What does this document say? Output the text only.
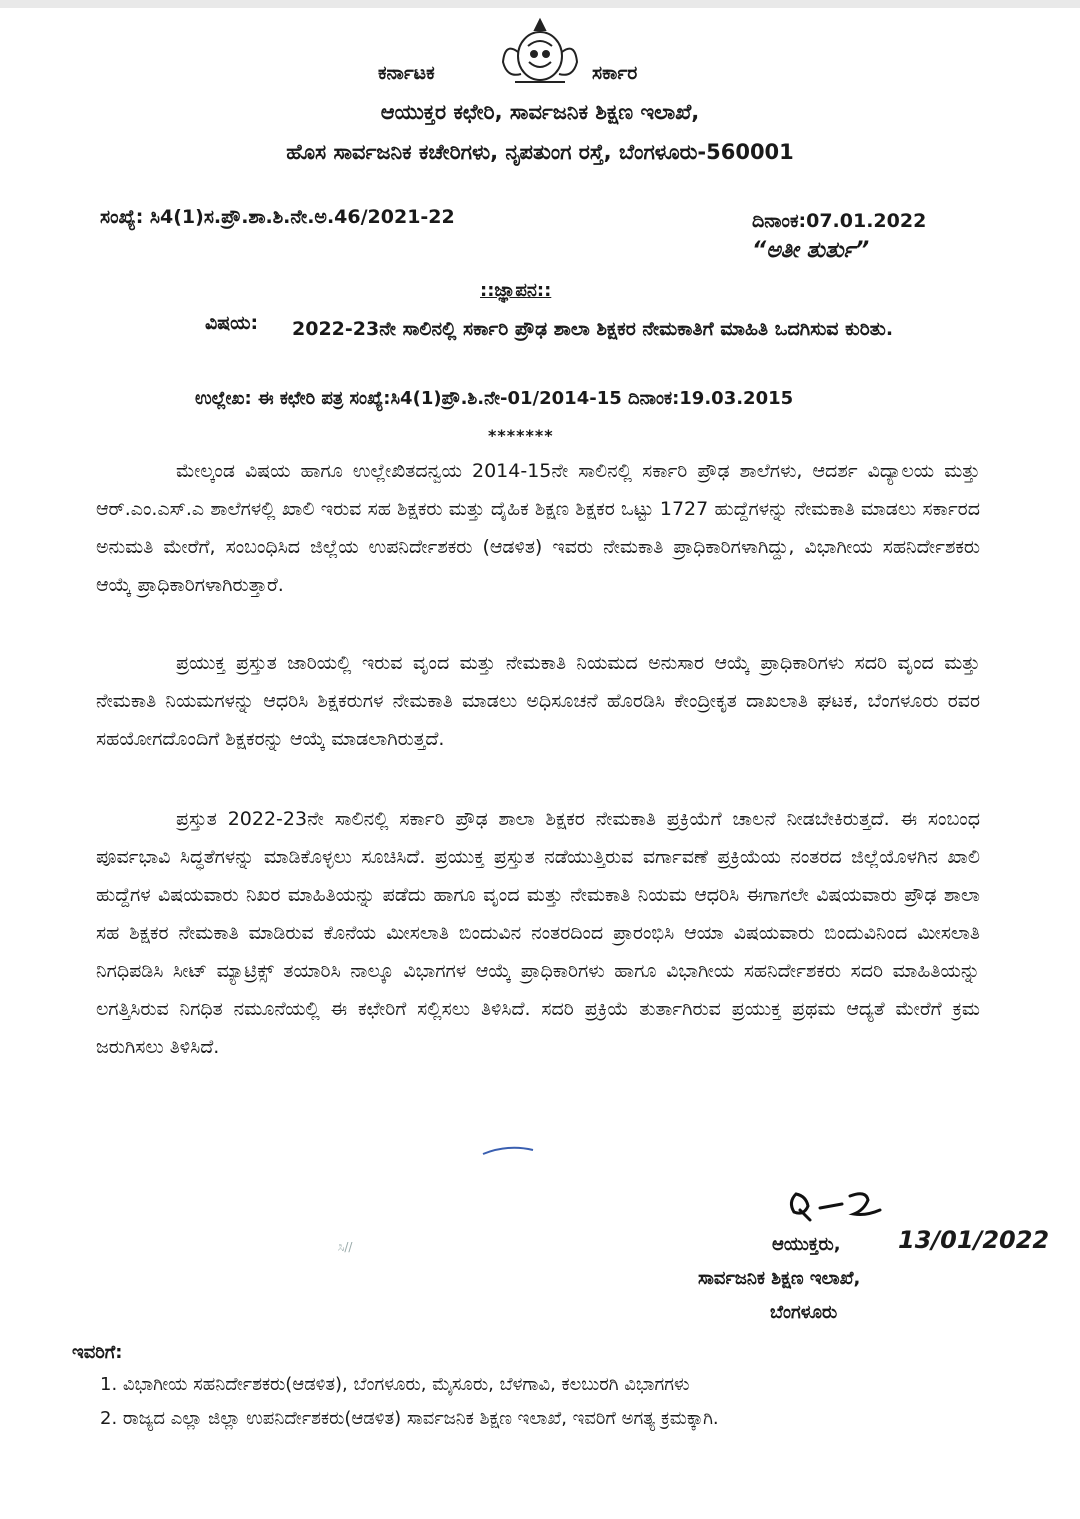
ಕರ್ನಾಟಕ	ಸರ್ಕಾರ
ಆಯುಕ್ತರ ಕಛೇರಿ, ಸಾರ್ವಜನಿಕ ಶಿಕ್ಷಣ ಇಲಾಖೆ,
ಹೊಸ ಸಾರ್ವಜನಿಕ ಕಚೇರಿಗಳು, ನೃಪತುಂಗ ರಸ್ತೆ, ಬೆಂಗಳೂರು-560001
ಸಂಖ್ಯೆ: ಸಿ4(1)ಸ.ಪ್ರೌ.ಶಾ.ಶಿ.ನೇ.ಅ.46/2021-22	ದಿನಾಂಕ:07.01.2022
“ಅತೀ ತುರ್ತು”
::ಜ್ಞಾಪನ::
ವಿಷಯ: 2022-23ನೇ ಸಾಲಿನಲ್ಲಿ ಸರ್ಕಾರಿ ಪ್ರೌಢ ಶಾಲಾ ಶಿಕ್ಷಕರ ನೇಮಕಾತಿಗೆ ಮಾಹಿತಿ ಒದಗಿಸುವ ಕುರಿತು.
ಉಲ್ಲೇಖ: ಈ ಕಛೇರಿ ಪತ್ರ ಸಂಖ್ಯೆ:ಸಿ4(1)ಪ್ರೌ.ಶಿ.ನೇ-01/2014-15 ದಿನಾಂಕ:19.03.2015
*******
ಮೇಲ್ಕಂಡ ವಿಷಯ ಹಾಗೂ ಉಲ್ಲೇಖಿತದನ್ವಯ 2014-15ನೇ ಸಾಲಿನಲ್ಲಿ ಸರ್ಕಾರಿ ಪ್ರೌಢ ಶಾಲೆಗಳು, ಆದರ್ಶ ವಿದ್ಯಾಲಯ ಮತ್ತು ಆರ್.ಎಂ.ಎಸ್.ಎ ಶಾಲೆಗಳಲ್ಲಿ ಖಾಲಿ ಇರುವ ಸಹ ಶಿಕ್ಷಕರು ಮತ್ತು ದೈಹಿಕ ಶಿಕ್ಷಣ ಶಿಕ್ಷಕರ ಒಟ್ಟು 1727 ಹುದ್ದೆಗಳನ್ನು ನೇಮಕಾತಿ ಮಾಡಲು ಸರ್ಕಾರದ ಅನುಮತಿ ಮೇರೆಗೆ, ಸಂಬಂಧಿಸಿದ ಜಿಲ್ಲೆಯ ಉಪನಿರ್ದೇಶಕರು (ಆಡಳಿತ) ಇವರು ನೇಮಕಾತಿ ಪ್ರಾಧಿಕಾರಿಗಳಾಗಿದ್ದು, ವಿಭಾಗೀಯ ಸಹನಿರ್ದೇಶಕರು ಆಯ್ಕೆ ಪ್ರಾಧಿಕಾರಿಗಳಾಗಿರುತ್ತಾರೆ.
ಪ್ರಯುಕ್ತ ಪ್ರಸ್ತುತ ಜಾರಿಯಲ್ಲಿ ಇರುವ ವೃಂದ ಮತ್ತು ನೇಮಕಾತಿ ನಿಯಮದ ಅನುಸಾರ ಆಯ್ಕೆ ಪ್ರಾಧಿಕಾರಿಗಳು ಸದರಿ ವೃಂದ ಮತ್ತು ನೇಮಕಾತಿ ನಿಯಮಗಳನ್ನು ಆಧರಿಸಿ ಶಿಕ್ಷಕರುಗಳ ನೇಮಕಾತಿ ಮಾಡಲು ಅಧಿಸೂಚನೆ ಹೊರಡಿಸಿ ಕೇಂದ್ರೀಕೃತ ದಾಖಲಾತಿ ಘಟಕ, ಬೆಂಗಳೂರು ರವರ ಸಹಯೋಗದೊಂದಿಗೆ ಶಿಕ್ಷಕರನ್ನು ಆಯ್ಕೆ ಮಾಡಲಾಗಿರುತ್ತದೆ.
ಪ್ರಸ್ತುತ 2022-23ನೇ ಸಾಲಿನಲ್ಲಿ ಸರ್ಕಾರಿ ಪ್ರೌಢ ಶಾಲಾ ಶಿಕ್ಷಕರ ನೇಮಕಾತಿ ಪ್ರಕ್ರಿಯೆಗೆ ಚಾಲನೆ ನೀಡಬೇಕಿರುತ್ತದೆ. ಈ ಸಂಬಂಧ ಪೂರ್ವಭಾವಿ ಸಿದ್ಧತೆಗಳನ್ನು ಮಾಡಿಕೊಳ್ಳಲು ಸೂಚಿಸಿದೆ. ಪ್ರಯುಕ್ತ ಪ್ರಸ್ತುತ ನಡೆಯುತ್ತಿರುವ ವರ್ಗಾವಣೆ ಪ್ರಕ್ರಿಯೆಯ ನಂತರದ ಜಿಲ್ಲೆಯೊಳಗಿನ ಖಾಲಿ ಹುದ್ದೆಗಳ ವಿಷಯವಾರು ನಿಖರ ಮಾಹಿತಿಯನ್ನು ಪಡೆದು ಹಾಗೂ ವೃಂದ ಮತ್ತು ನೇಮಕಾತಿ ನಿಯಮ ಆಧರಿಸಿ ಈಗಾಗಲೇ ವಿಷಯವಾರು ಪ್ರೌಢ ಶಾಲಾ ಸಹ ಶಿಕ್ಷಕರ ನೇಮಕಾತಿ ಮಾಡಿರುವ ಕೊನೆಯ ಮೀಸಲಾತಿ ಬಿಂದುವಿನ ನಂತರದಿಂದ ಪ್ರಾರಂಭಿಸಿ ಆಯಾ ವಿಷಯವಾರು ಬಿಂದುವಿನಿಂದ ಮೀಸಲಾತಿ ನಿಗಧಿಪಡಿಸಿ ಸೀಟ್ ಮ್ಯಾಟ್ರಿಕ್ಸ್ ತಯಾರಿಸಿ ನಾಲ್ಕೂ ವಿಭಾಗಗಳ ಆಯ್ಕೆ ಪ್ರಾಧಿಕಾರಿಗಳು ಹಾಗೂ ವಿಭಾಗೀಯ ಸಹನಿರ್ದೇಶಕರು ಸದರಿ ಮಾಹಿತಿಯನ್ನು ಲಗತ್ತಿಸಿರುವ ನಿಗಧಿತ ನಮೂನೆಯಲ್ಲಿ ಈ ಕಛೇರಿಗೆ ಸಲ್ಲಿಸಲು ತಿಳಿಸಿದೆ. ಸದರಿ ಪ್ರಕ್ರಿಯೆ ತುರ್ತಾಗಿರುವ ಪ್ರಯುಕ್ತ ಪ್ರಥಮ ಆದ್ಯತೆ ಮೇರೆಗೆ ಕ್ರಮ ಜರುಗಿಸಲು ತಿಳಿಸಿದೆ.
13/01/2022
ಆಯುಕ್ತರು,
ಸಾರ್ವಜನಿಕ ಶಿಕ್ಷಣ ಇಲಾಖೆ,
ಬೆಂಗಳೂರು
ಸಿ//
ಇವರಿಗೆ:
1. ವಿಭಾಗೀಯ ಸಹನಿರ್ದೇಶಕರು(ಆಡಳಿತ), ಬೆಂಗಳೂರು, ಮೈಸೂರು, ಬೆಳಗಾವಿ, ಕಲಬುರಗಿ ವಿಭಾಗಗಳು
2. ರಾಜ್ಯದ ಎಲ್ಲಾ ಜಿಲ್ಲಾ ಉಪನಿರ್ದೇಶಕರು(ಆಡಳಿತ) ಸಾರ್ವಜನಿಕ ಶಿಕ್ಷಣ ಇಲಾಖೆ, ಇವರಿಗೆ ಅಗತ್ಯ ಕ್ರಮಕ್ಕಾಗಿ.
